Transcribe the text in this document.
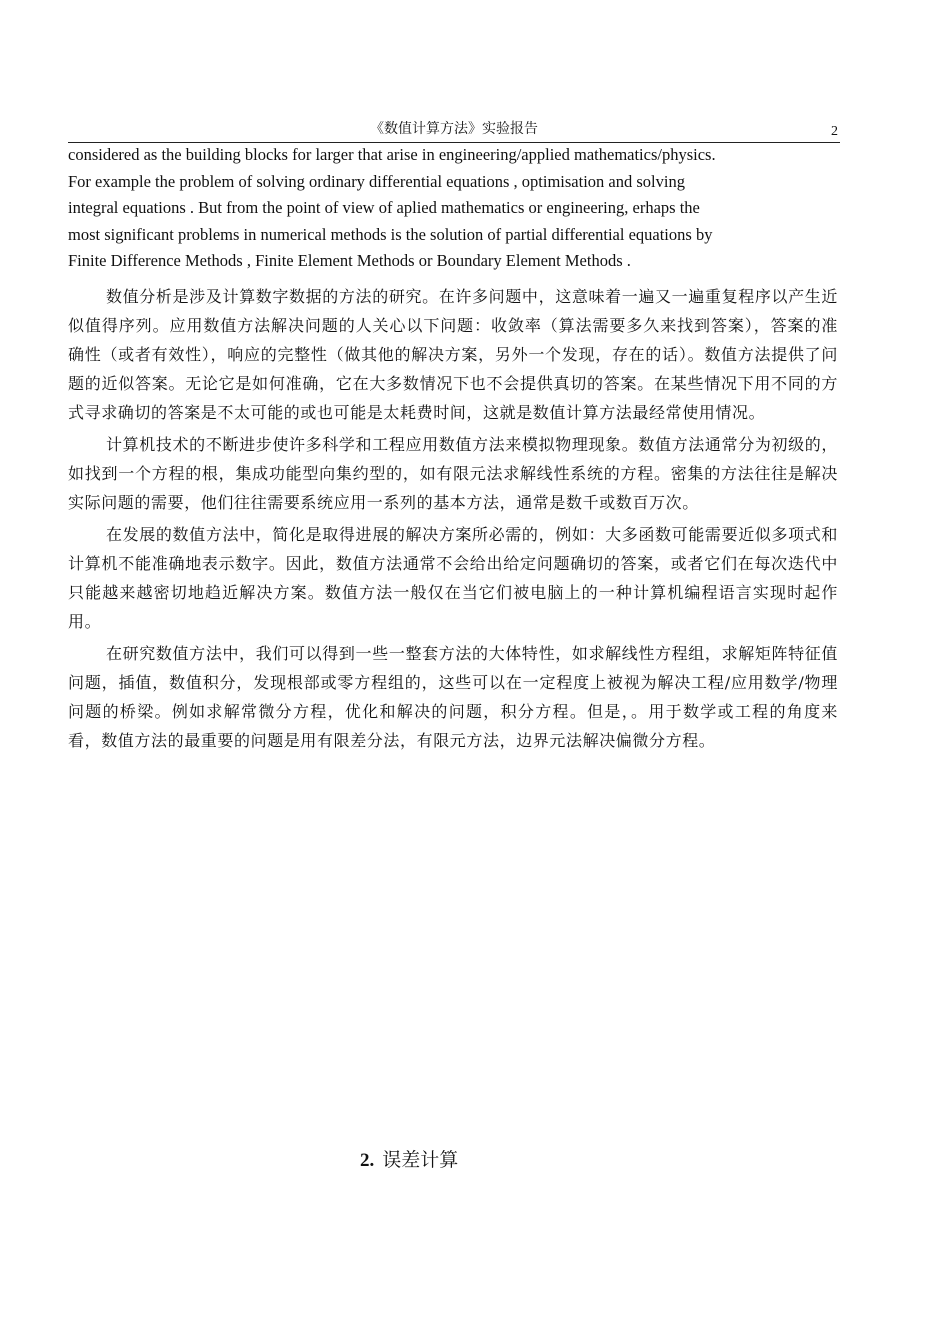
《数值计算方法》实验报告	2
considered as the building blocks for larger that arise in engineering/applied mathematics/physics.
For example the problem of solving ordinary differential equations , optimisation and solving
integral equations . But from the point of view of aplied mathematics or engineering, erhaps the
most significant problems in numerical methods is the solution of partial differential equations by
Finite Difference Methods , Finite Element Methods or Boundary Element Methods .

数值分析是涉及计算数字数据的方法的研究。在许多问题中，这意味着一遍又一遍重复程序以产生近似值得序列。应用数值方法解决问题的人关心以下问题：收敛率（算法需要多久来找到答案），答案的准确性（或者有效性），响应的完整性（做其他的解决方案，另外一个发现，存在的话）。数值方法提供了问题的近似答案。无论它是如何准确，它在大多数情况下也不会提供真切的答案。在某些情况下用不同的方式寻求确切的答案是不太可能的或也可能是太耗费时间，这就是数值计算方法最经常使用情况。

计算机技术的不断进步使许多科学和工程应用数值方法来模拟物理现象。数值方法通常分为初级的，如找到一个方程的根，集成功能型向集约型的，如有限元法求解线性系统的方程。密集的方法往往是解决实际问题的需要，他们往往需要系统应用一系列的基本方法，通常是数千或数百万次。

在发展的数值方法中，简化是取得进展的解决方案所必需的，例如：大多函数可能需要近似多项式和计算机不能准确地表示数字。因此，数值方法通常不会给出给定问题确切的答案，或者它们在每次迭代中只能越来越密切地趋近解决方案。数值方法一般仅在当它们被电脑上的一种计算机编程语言实现时起作用。

在研究数值方法中，我们可以得到一些一整套方法的大体特性，如求解线性方程组，求解矩阵特征值问题，插值，数值积分，发现根部或零方程组的，这些可以在一定程度上被视为解决工程/应用数学/物理问题的桥梁。例如求解常微分方程，优化和解决的问题，积分方程。但是，。用于数学或工程的角度来看，数值方法的最重要的问题是用有限差分法，有限元方法，边界元法解决偏微分方程。

2. 误差计算
